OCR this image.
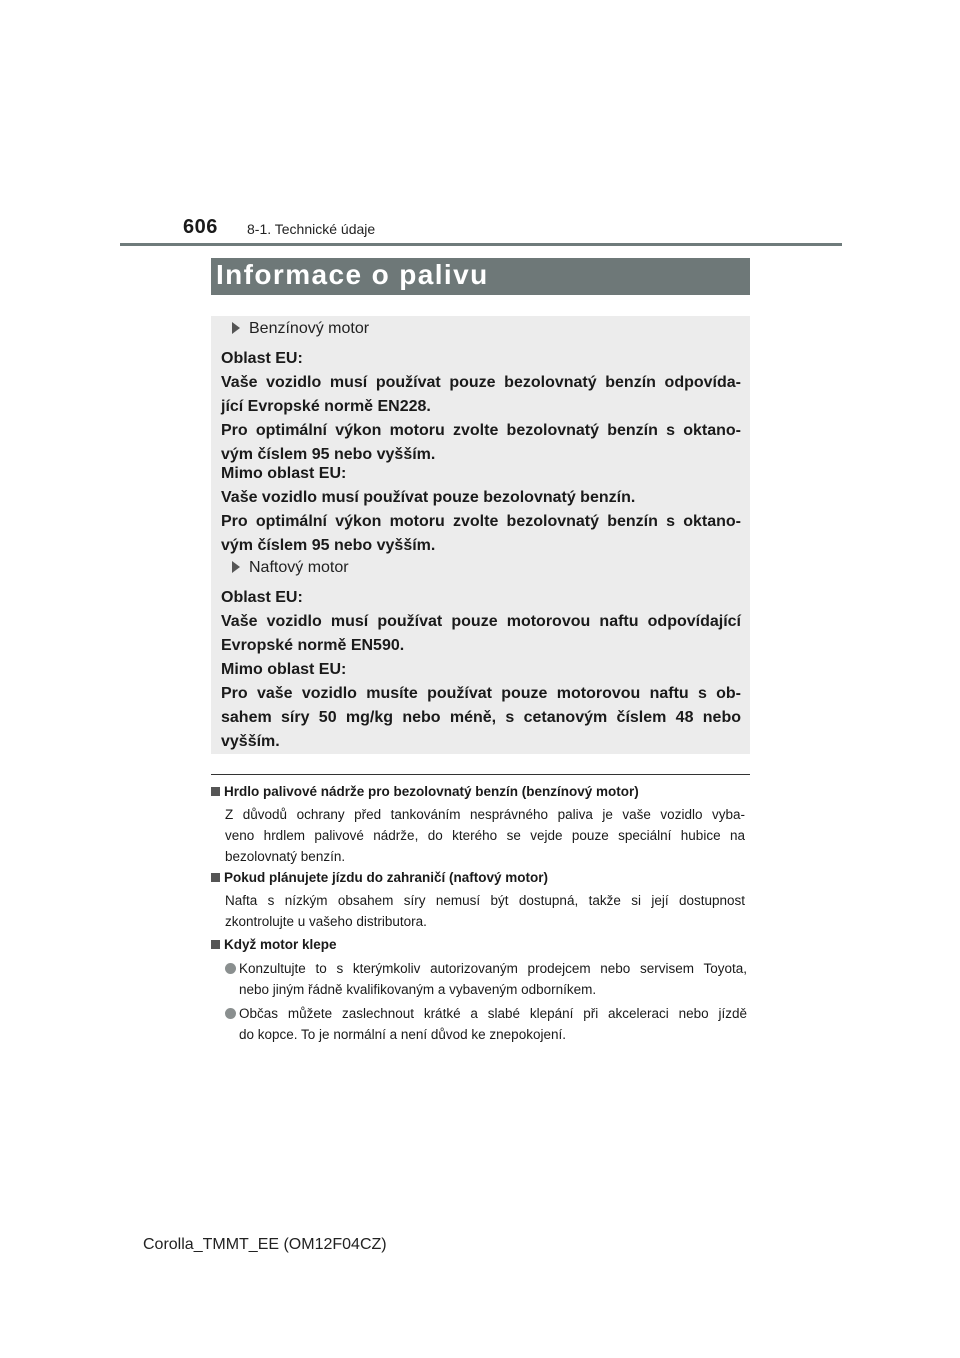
606 8-1. Technické údaje
Informace o palivu
Benzínový motor
Oblast EU:
Vaše vozidlo musí používat pouze bezolovnatý benzín odpovída-
jící Evropské normě EN228.
Pro optimální výkon motoru zvolte bezolovnatý benzín s oktano-
vým číslem 95 nebo vyšším.
Mimo oblast EU:
Vaše vozidlo musí používat pouze bezolovnatý benzín.
Pro optimální výkon motoru zvolte bezolovnatý benzín s oktano-
vým číslem 95 nebo vyšším.
Naftový motor
Oblast EU:
Vaše vozidlo musí používat pouze motorovou naftu odpovídající
Evropské normě EN590.
Mimo oblast EU:
Pro vaše vozidlo musíte používat pouze motorovou naftu s ob-
sahem síry 50 mg/kg nebo méně, s cetanovým číslem 48 nebo
vyšším.
Hrdlo palivové nádrže pro bezolovnatý benzín (benzínový motor)
Z důvodů ochrany před tankováním nesprávného paliva je vaše vozidlo vyba-
veno hrdlem palivové nádrže, do kterého se vejde pouze speciální hubice na
bezolovnatý benzín.
Pokud plánujete jízdu do zahraničí (naftový motor)
Nafta s nízkým obsahem síry nemusí být dostupná, takže si její dostupnost
zkontrolujte u vašeho distributora.
Když motor klepe
Konzultujte to s kterýmkoliv autorizovaným prodejcem nebo servisem Toyota,
nebo jiným řádně kvalifikovaným a vybaveným odborníkem.
Občas můžete zaslechnout krátké a slabé klepání při akceleraci nebo jízdě
do kopce. To je normální a není důvod ke znepokojení.
Corolla_TMMT_EE (OM12F04CZ)
